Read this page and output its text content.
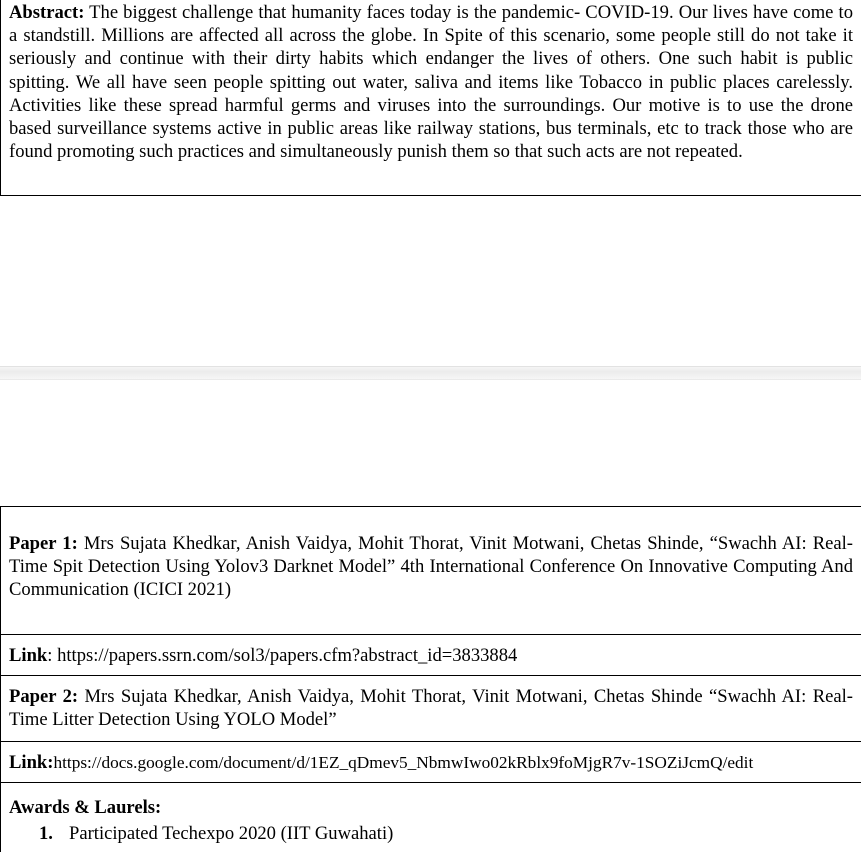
Abstract: The biggest challenge that humanity faces today is the pandemic- COVID-19. Our lives have come to a standstill. Millions are affected all across the globe. In Spite of this scenario, some people still do not take it seriously and continue with their dirty habits which endanger the lives of others. One such habit is public spitting. We all have seen people spitting out water, saliva and items like Tobacco in public places carelessly. Activities like these spread harmful germs and viruses into the surroundings. Our motive is to use the drone based surveillance systems active in public areas like railway stations, bus terminals, etc to track those who are found promoting such practices and simultaneously punish them so that such acts are not repeated.

Paper 1: Mrs Sujata Khedkar, Anish Vaidya, Mohit Thorat, Vinit Motwani, Chetas Shinde, “Swachh AI: Real-Time Spit Detection Using Yolov3 Darknet Model” 4th International Conference On Innovative Computing And Communication (ICICI 2021)

Link: https://papers.ssrn.com/sol3/papers.cfm?abstract_id=3833884

Paper 2: Mrs Sujata Khedkar, Anish Vaidya, Mohit Thorat, Vinit Motwani, Chetas Shinde “Swachh AI: Real-Time Litter Detection Using YOLO Model”

Link:https://docs.google.com/document/d/1EZ_qDmev5_NbmwIwo02kRblx9foMjgR7v-1SOZiJcmQ/edit

Awards & Laurels:

1. Participated Techexpo 2020 (IIT Guwahati)
